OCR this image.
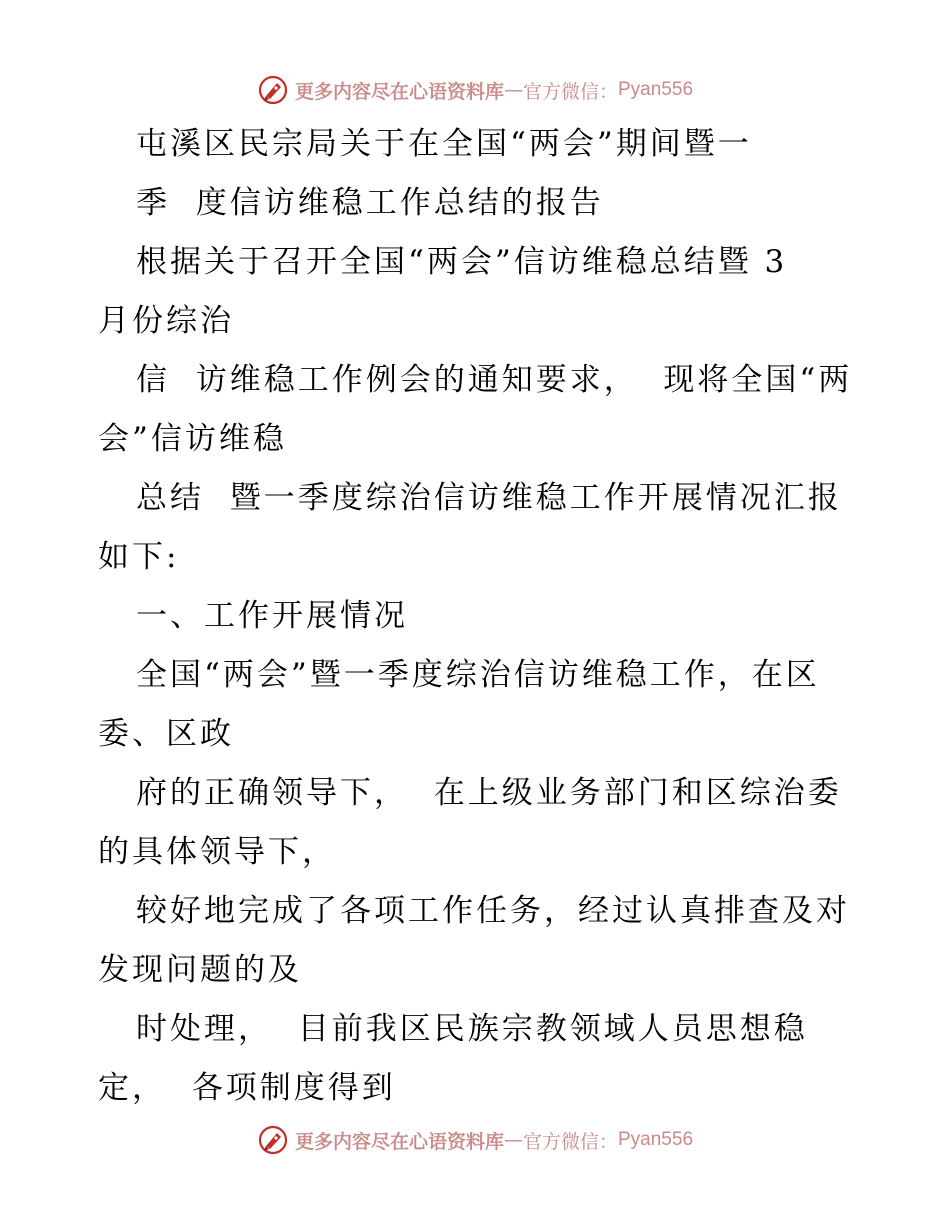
更多内容尽在心语资料库 — 官方微信： Pyan556
屯溪区民宗局关于在全国“两会”期间暨一
季  度信访维稳工作总结的报告
根据关于召开全国“两会”信访维稳总结暨 3
月份综治
信  访维稳工作例会的通知要求，  现将全国“两
会”信访维稳
总结  暨一季度综治信访维稳工作开展情况汇报
如下:
一、工作开展情况
全国“两会”暨一季度综治信访维稳工作，在区
委、区政
府的正确领导下，  在上级业务部门和区综治委
的具体领导下，
较好地完成了各项工作任务，经过认真排查及对
发现问题的及
时处理，  目前我区民族宗教领域人员思想稳
定，  各项制度得到
更多内容尽在心语资料库 — 官方微信： Pyan556
